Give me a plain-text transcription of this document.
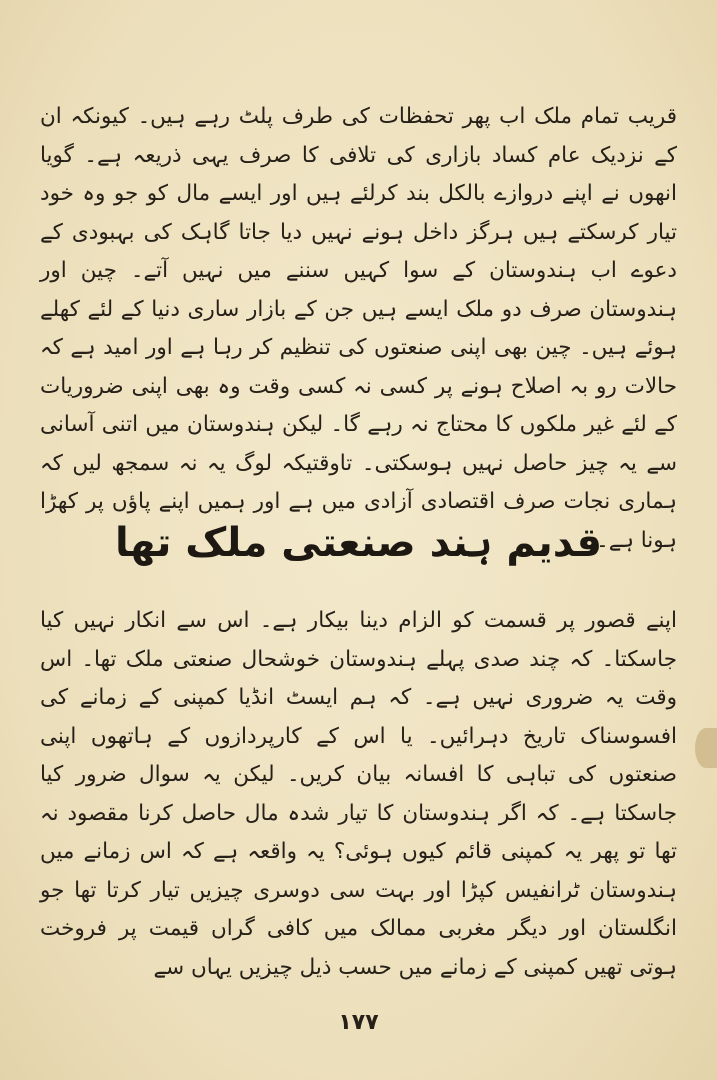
قریب تمام ملک اب پھر تحفظات کی طرف پلٹ رہے ہیں۔ کیونکہ ان کے نزدیک عام کساد بازاری کی تلافی کا صرف یہی ذریعہ ہے۔ گویا انھوں نے اپنے دروازے بالکل بند کرلئے ہیں اور ایسے مال کو جو وہ خود تیار کرسکتے ہیں ہرگز داخل ہونے نہیں دیا جاتا گاہک کی بہبودی کے دعوے اب ہندوستان کے سوا کہیں سننے میں نہیں آتے۔ چین اور ہندوستان صرف دو ملک ایسے ہیں جن کے بازار ساری دنیا کے لئے کھلے ہوئے ہیں۔ چین بھی اپنی صنعتوں کی تنظیم کر رہا ہے اور امید ہے کہ حالات رو بہ اصلاح ہونے پر کسی نہ کسی وقت وہ بھی اپنی ضروریات کے لئے غیر ملکوں کا محتاج نہ رہے گا۔ لیکن ہندوستان میں اتنی آسانی سے یہ چیز حاصل نہیں ہوسکتی۔ تاوقتیکہ لوگ یہ نہ سمجھ لیں کہ ہماری نجات صرف اقتصادی آزادی میں ہے اور ہمیں اپنے پاؤں پر کھڑا ہونا ہے۔

قدیم ہند صنعتی ملک تھا

اپنے قصور پر قسمت کو الزام دینا بیکار ہے۔ اس سے انکار نہیں کیا جاسکتا۔ کہ چند صدی پہلے ہندوستان خوشحال صنعتی ملک تھا۔ اس وقت یہ ضروری نہیں ہے۔ کہ ہم ایسٹ انڈیا کمپنی کے زمانے کی افسوسناک تاریخ دہرائیں۔ یا اس کے کارپردازوں کے ہاتھوں اپنی صنعتوں کی تباہی کا افسانہ بیان کریں۔ لیکن یہ سوال ضرور کیا جاسکتا ہے۔ کہ اگر ہندوستان کا تیار شدہ مال حاصل کرنا مقصود نہ تھا تو پھر یہ کمپنی قائم کیوں ہوئی؟ یہ واقعہ ہے کہ اس زمانے میں ہندوستان ٹرانفیس کپڑا اور بہت سی دوسری چیزیں تیار کرتا تھا جو انگلستان اور دیگر مغربی ممالک میں کافی گراں قیمت پر فروخت ہوتی تھیں کمپنی کے زمانے میں حسب ذیل چیزیں یہاں سے

۱۷۷
